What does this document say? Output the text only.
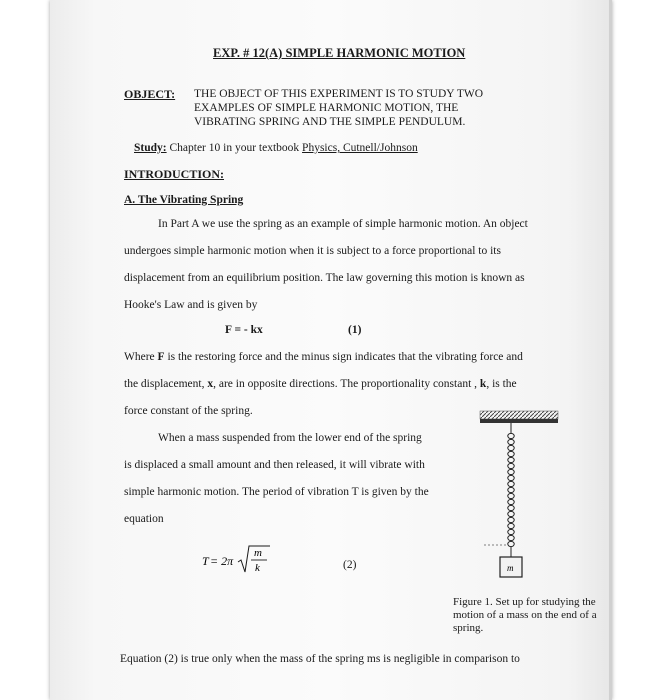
EXP. # 12(A) SIMPLE HARMONIC MOTION
OBJECT: THE OBJECT OF THIS EXPERIMENT IS TO STUDY TWO
EXAMPLES OF SIMPLE HARMONIC MOTION, THE
VIBRATING SPRING AND THE SIMPLE PENDULUM.
Study: Chapter 10 in your textbook Physics, Cutnell/Johnson
INTRODUCTION:
A. The Vibrating Spring
In Part A we use the spring as an example of simple harmonic motion. An object
undergoes simple harmonic motion when it is subject to a force proportional to its
displacement from an equilibrium position. The law governing this motion is known as
Hooke's Law and is given by
F = - kx	(1)
Where F is the restoring force and the minus sign indicates that the vibrating force and
the displacement, x, are in opposite directions. The proportionality constant , k, is the
force constant of the spring.
When a mass suspended from the lower end of the spring
is displaced a small amount and then released, it will vibrate with
simple harmonic motion. The period of vibration T is given by the
equation
T = 2π
m
k	(2)	m
Figure 1. Set up for studying the motion of a mass on the end of a spring.
Equation (2) is true only when the mass of the spring ms is negligible in comparison to
